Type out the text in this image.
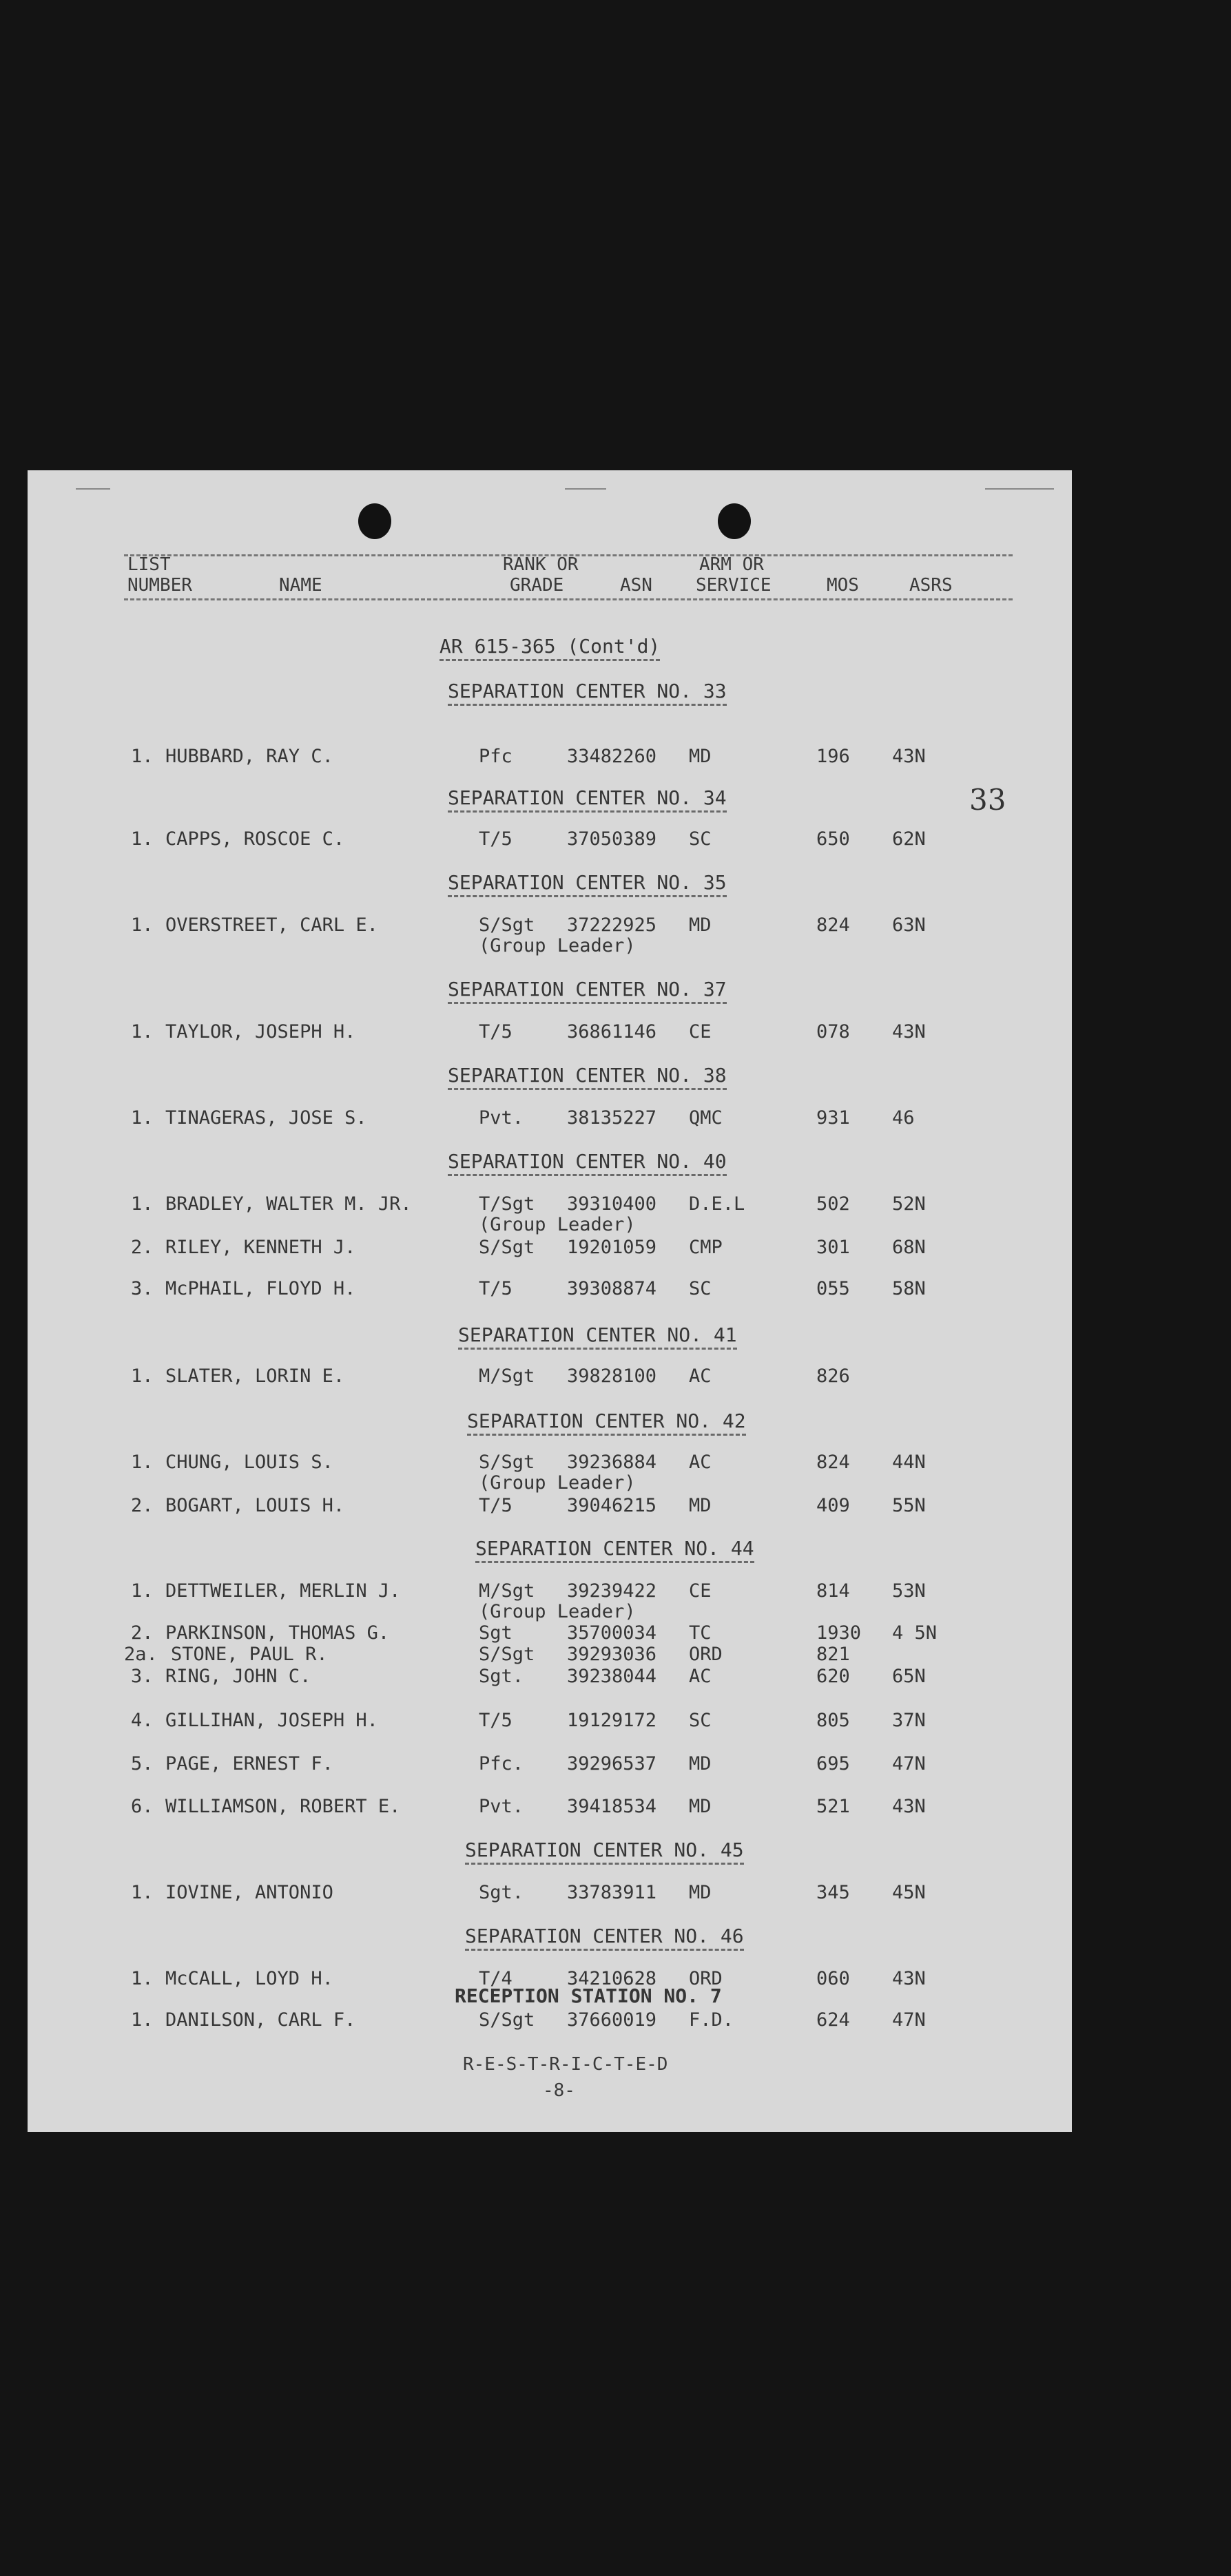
LIST
NUMBER	NAME
RANK OR
GRADE	ASN
ARM OR
SERVICE	MOS	ASRS
AR 615-365 (Cont'd)
33
SEPARATION CENTER NO. 33
1. HUBBARD, RAY C.	Pfc	33482260 MD	196 43N
SEPARATION CENTER NO. 34
1. CAPPS, ROSCOE C.	T/5	37050389 SC	650 62N
SEPARATION CENTER NO. 35
1. OVERSTREET, CARL E.	S/Sgt 37222925 MD	824 63N
(Group Leader)
SEPARATION CENTER NO. 37
1. TAYLOR, JOSEPH H.	T/5	36861146 CE	078 43N
SEPARATION CENTER NO. 38
1. TINAGERAS, JOSE S.	Pvt. 38135227 QMC	931 46
SEPARATION CENTER NO. 40
1. BRADLEY, WALTER M. JR.	T/Sgt 39310400 D.E.L	502 52N
(Group Leader)
2. RILEY, KENNETH J.	S/Sgt 19201059 CMP	301 68N
3. McPHAIL, FLOYD H.	T/5	39308874 SC	055 58N
SEPARATION CENTER NO. 41
1. SLATER, LORIN E.	M/Sgt 39828100 AC	826
SEPARATION CENTER NO. 42
1. CHUNG, LOUIS S.	S/Sgt 39236884 AC	824 44N
(Group Leader)
2. BOGART, LOUIS H.	T/5	39046215 MD	409 55N
SEPARATION CENTER NO. 44
1. DETTWEILER, MERLIN J.	M/Sgt 39239422 CE	814 53N
(Group Leader)
2. PARKINSON, THOMAS G.	Sgt	35700034 TC	1930 4 5N
2a. STONE, PAUL R.	S/Sgt 39293036 ORD	821
3. RING, JOHN C.	Sgt. 39238044 AC	620 65N
4. GILLIHAN, JOSEPH H.	T/5	19129172 SC	805 37N
5. PAGE, ERNEST F.	Pfc. 39296537 MD	695 47N
6. WILLIAMSON, ROBERT E.	Pvt. 39418534 MD	521 43N
SEPARATION CENTER NO. 45
1. IOVINE, ANTONIO	Sgt. 33783911 MD	345 45N
SEPARATION CENTER NO. 46
1. McCALL, LOYD H.	T/4	34210628 ORD	060 43N
RECEPTION STATION NO. 7
1. DANILSON, CARL F.	S/Sgt 37660019 F.D.	624 47N
R-E-S-T-R-I-C-T-E-D
-8-
